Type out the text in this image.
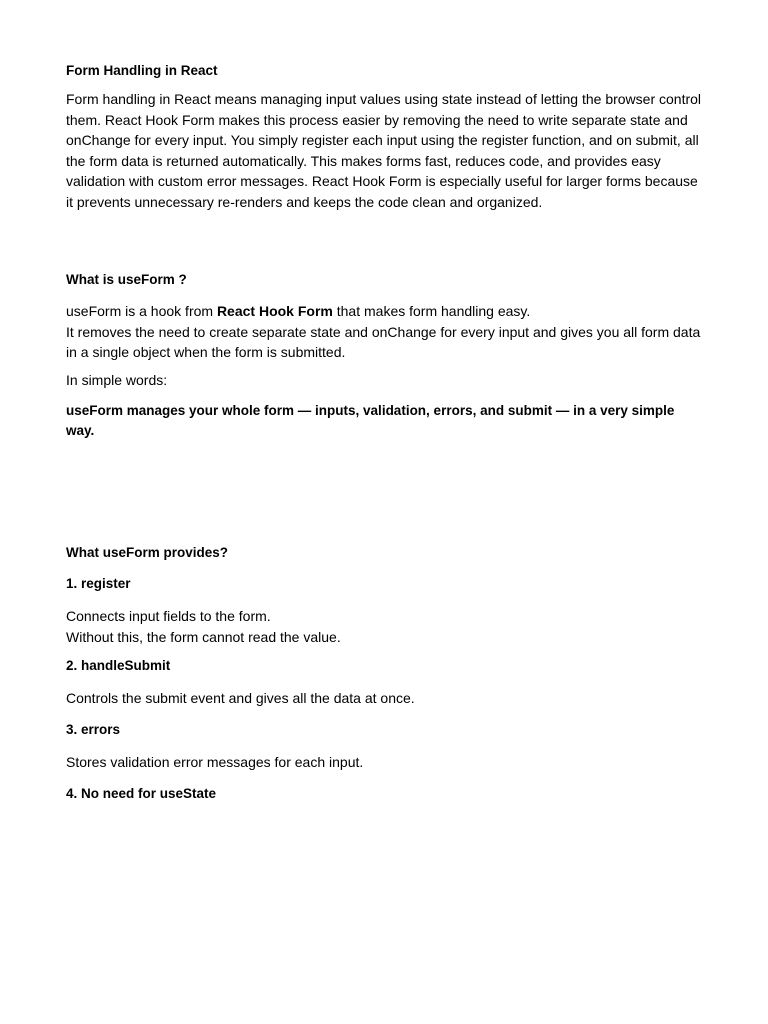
Form Handling in React

Form handling in React means managing input values using state instead of letting the browser control them. React Hook Form makes this process easier by removing the need to write separate state and onChange for every input. You simply register each input using the register function, and on submit, all the form data is returned automatically. This makes forms fast, reduces code, and provides easy validation with custom error messages. React Hook Form is especially useful for larger forms because it prevents unnecessary re-renders and keeps the code clean and organized.

What is useForm ?

useForm is a hook from React Hook Form that makes form handling easy.
It removes the need to create separate state and onChange for every input and gives you all form data in a single object when the form is submitted.

In simple words:

useForm manages your whole form — inputs, validation, errors, and submit — in a very simple way.

What useForm provides?

1. register

Connects input fields to the form.
Without this, the form cannot read the value.

2. handleSubmit

Controls the submit event and gives all the data at once.

3. errors

Stores validation error messages for each input.

4. No need for useState
